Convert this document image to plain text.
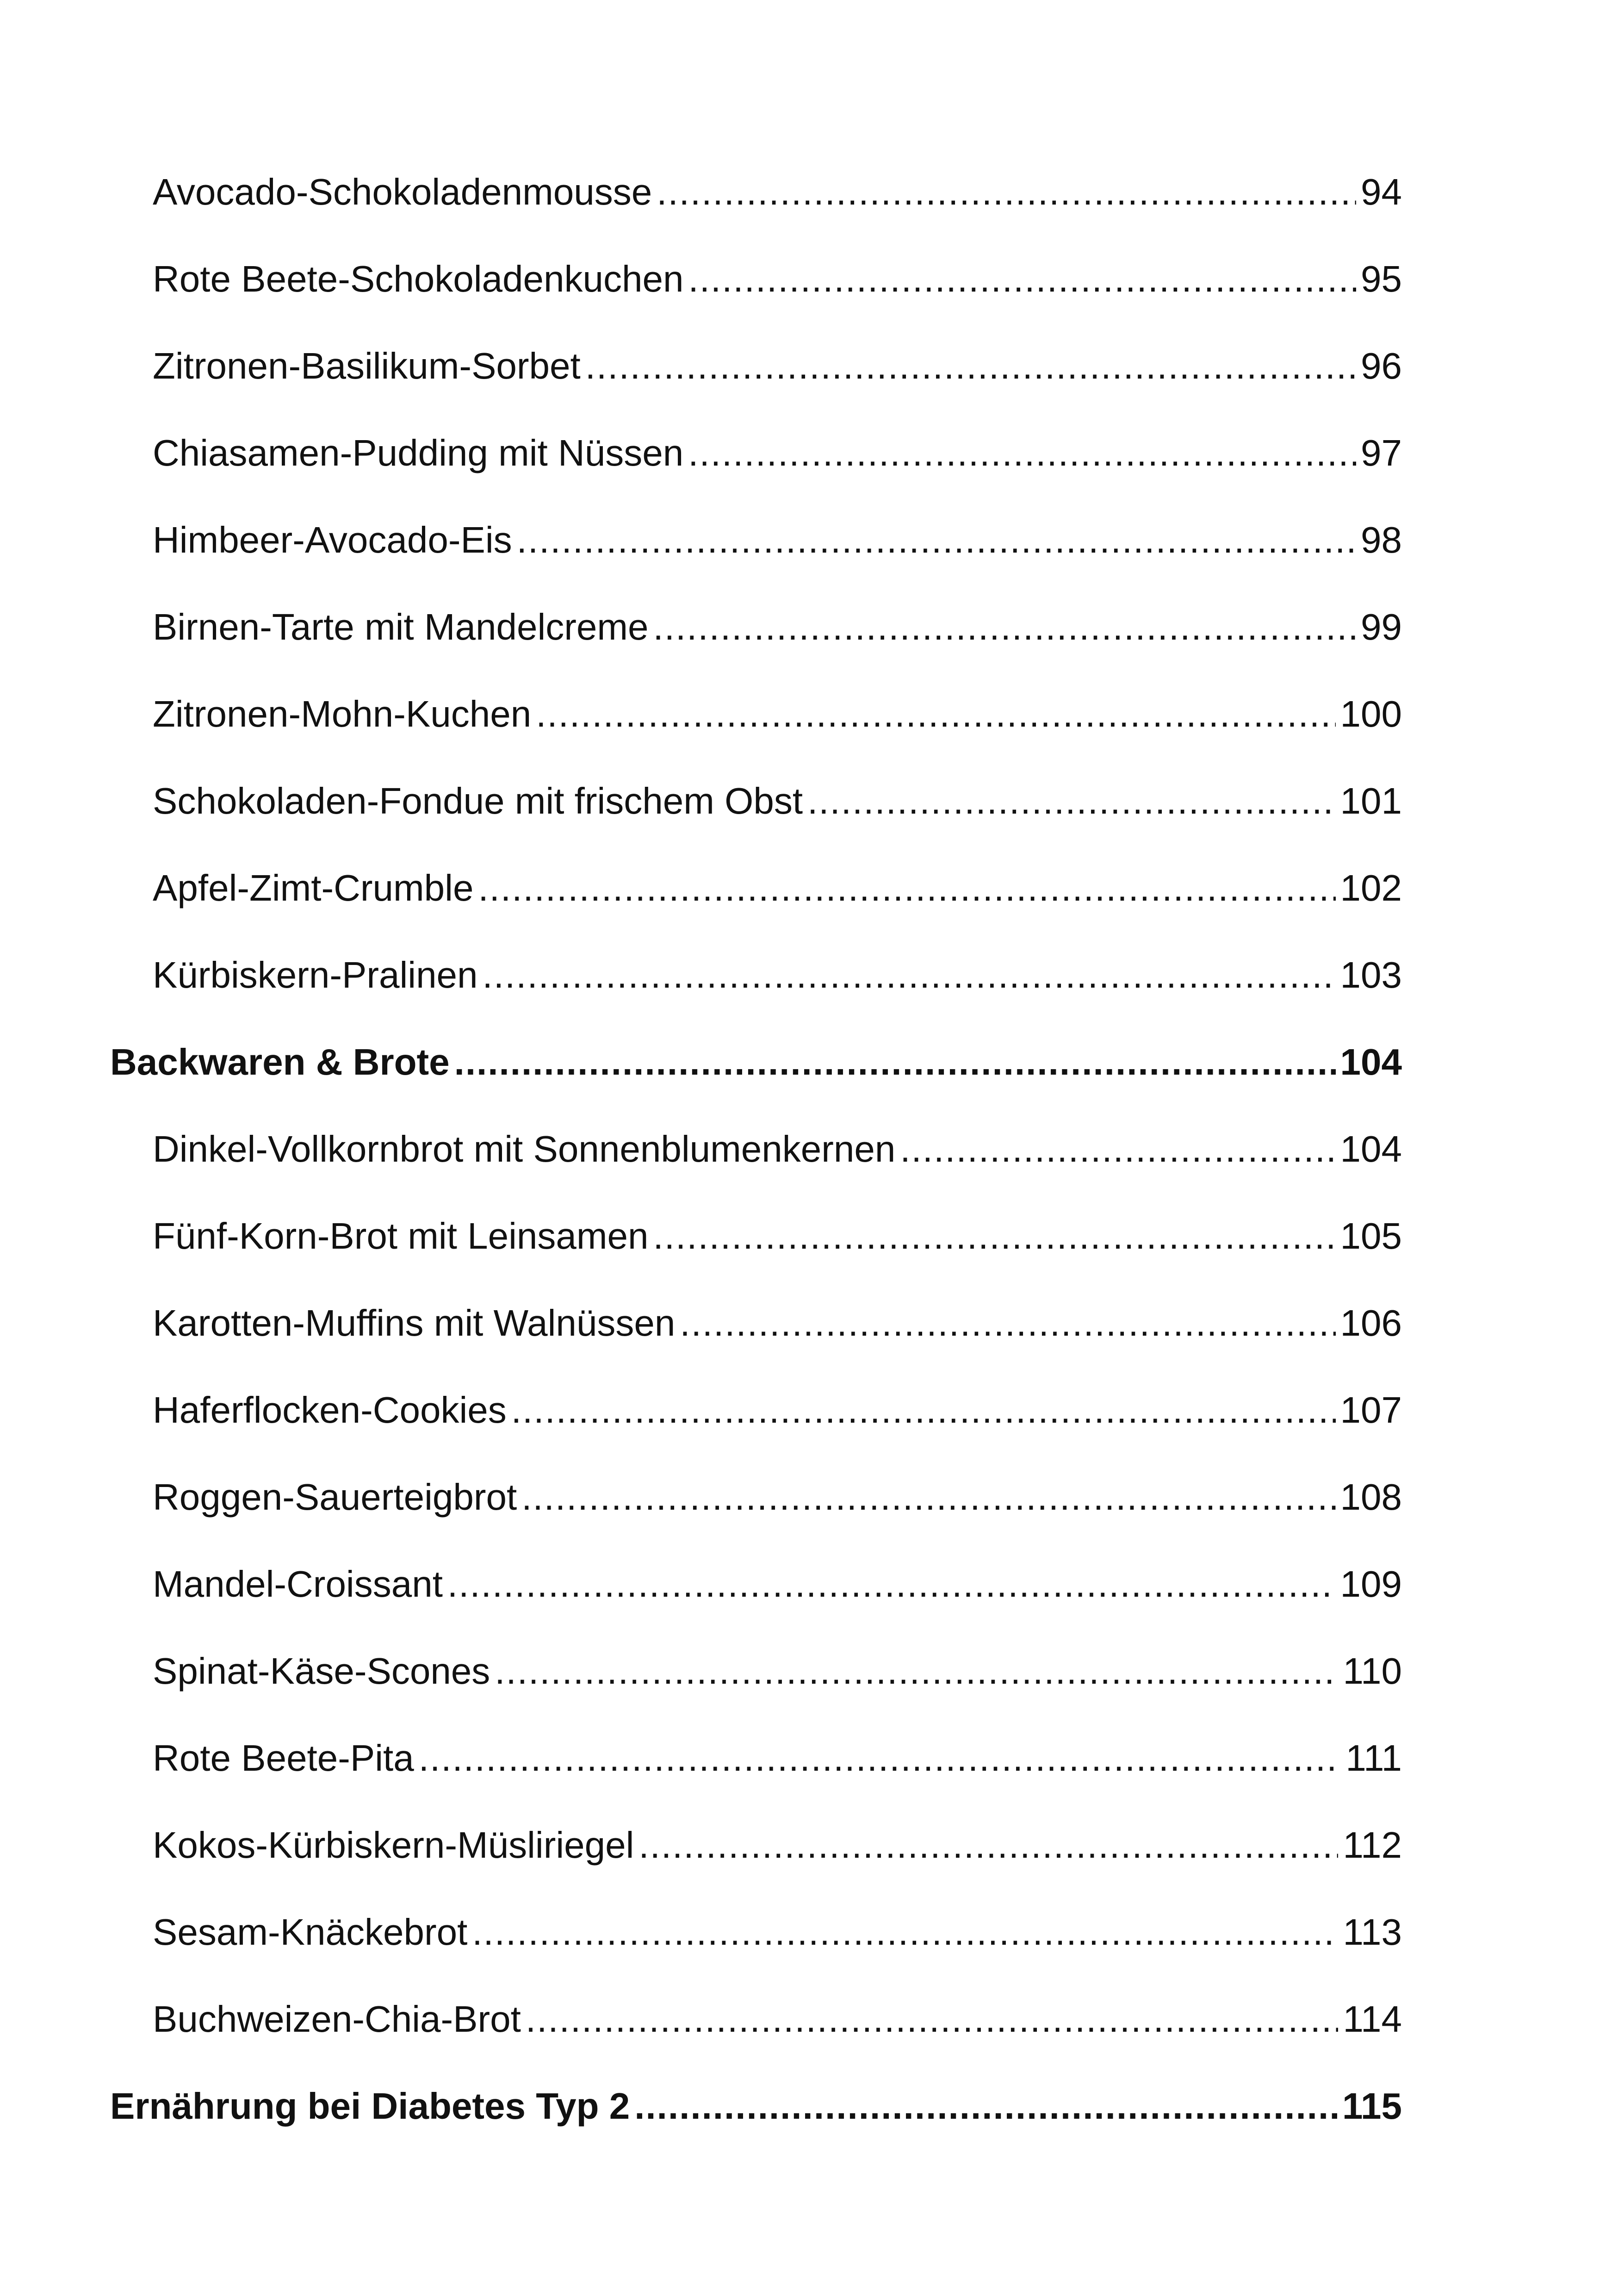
Avocado-Schokoladenmousse .....	94
Rote Beete-Schokoladenkuchen .....	95
Zitronen-Basilikum-Sorbet .....	96
Chiasamen-Pudding mit Nüssen .....	97
Himbeer-Avocado-Eis .....	98
Birnen-Tarte mit Mandelcreme .....	99
Zitronen-Mohn-Kuchen .....	100
Schokoladen-Fondue mit frischem Obst .....	101
Apfel-Zimt-Crumble .....	102
Kürbiskern-Pralinen .....	103
Backwaren & Brote .....	104
Dinkel-Vollkornbrot mit Sonnenblumenkernen .....	104
Fünf-Korn-Brot mit Leinsamen .....	105
Karotten-Muffins mit Walnüssen .....	106
Haferflocken-Cookies .....	107
Roggen-Sauerteigbrot .....	108
Mandel-Croissant .....	109
Spinat-Käse-Scones .....	110
Rote Beete-Pita .....	111
Kokos-Kürbiskern-Müsliriegel .....	112
Sesam-Knäckebrot .....	113
Buchweizen-Chia-Brot .....	114
Ernährung bei Diabetes Typ 2 .....	115
